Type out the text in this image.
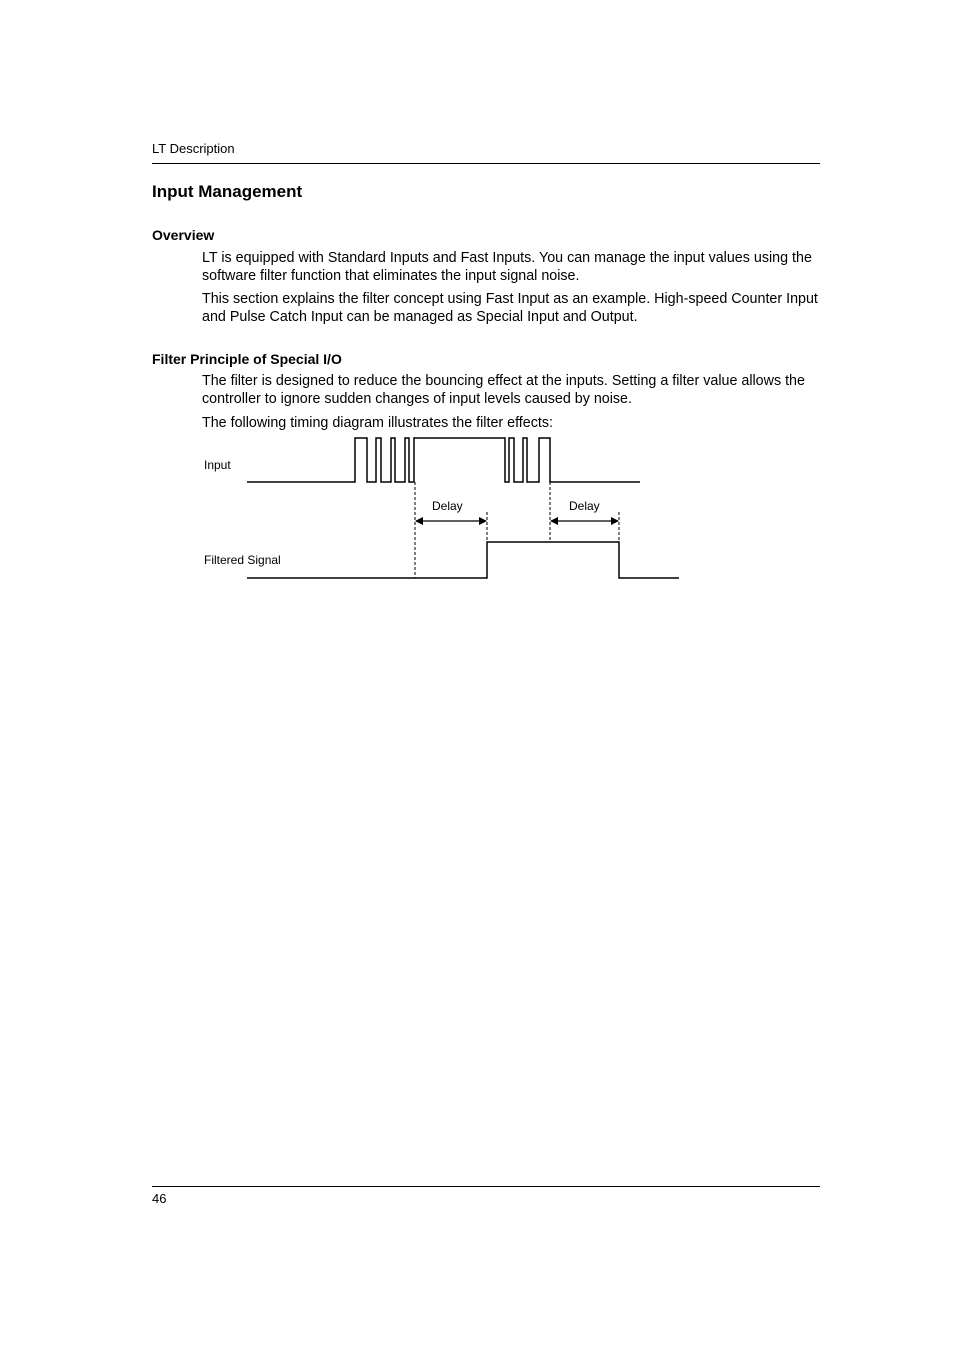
LT Description
Input Management
Overview
LT is equipped with Standard Inputs and Fast Inputs. You can manage the input values using the software filter function that eliminates the input signal noise.
This section explains the filter concept using Fast Input as an example. High-speed Counter Input and Pulse Catch Input can be managed as Special Input and Output.
Filter Principle of Special I/O
The filter is designed to reduce the bouncing effect at the inputs. Setting a filter value allows the controller to ignore sudden changes of input levels caused by noise.
The following timing diagram illustrates the filter effects:
Input
Filtered Signal
Delay	Delay
46
